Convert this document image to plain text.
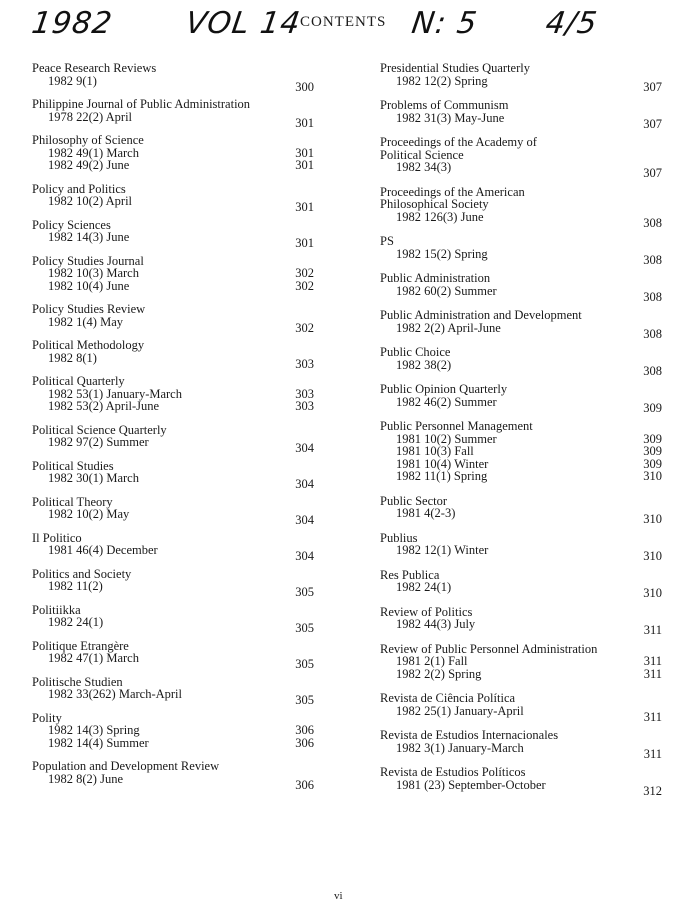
1982 VOL 14
CONTENTS N: 5 4/5
Peace Research Reviews
1982 9(1)	300
Philippine Journal of Public Administration
1978 22(2) April	301
Philosophy of Science
1982 49(1) March	301
1982 49(2) June	301
Policy and Politics
1982 10(2) April	301
Policy Sciences
1982 14(3) June	301
Policy Studies Journal
1982 10(3) March	302
1982 10(4) June	302
Policy Studies Review
1982 1(4) May	302
Political Methodology
1982 8(1)	303
Political Quarterly
1982 53(1) January-March	303
1982 53(2) April-June	303
Political Science Quarterly
1982 97(2) Summer	304
Political Studies
1982 30(1) March	304
Political Theory
1982 10(2) May	304
Il Politico
1981 46(4) December	304
Politics and Society
1982 11(2)	305
Politiikka
1982 24(1)	305
Politique Etrangère
1982 47(1) March	305
Politische Studien
1982 33(262) March-April	305
Polity
1982 14(3) Spring	306
1982 14(4) Summer	306
Population and Development Review
1982 8(2) June	306
Presidential Studies Quarterly
1982 12(2) Spring	307
Problems of Communism
1982 31(3) May-June	307
Proceedings of the Academy of
Political Science
1982 34(3)	307
Proceedings of the American
Philosophical Society
1982 126(3) June	308
PS
1982 15(2) Spring	308
Public Administration
1982 60(2) Summer	308
Public Administration and Development
1982 2(2) April-June	308
Public Choice
1982 38(2)	308
Public Opinion Quarterly
1982 46(2) Summer	309
Public Personnel Management
1981 10(2) Summer	309
1981 10(3) Fall	309
1981 10(4) Winter	309
1982 11(1) Spring	310
Public Sector
1981 4(2-3)	310
Publius
1982 12(1) Winter	310
Res Publica
1982 24(1)	310
Review of Politics
1982 44(3) July	311
Review of Public Personnel Administration
1981 2(1) Fall	311
1982 2(2) Spring	311
Revista de Ciência Política
1982 25(1) January-April	311
Revista de Estudios Internacionales
1982 3(1) January-March	311
Revista de Estudios Políticos
1981 (23) September-October	312
vi
